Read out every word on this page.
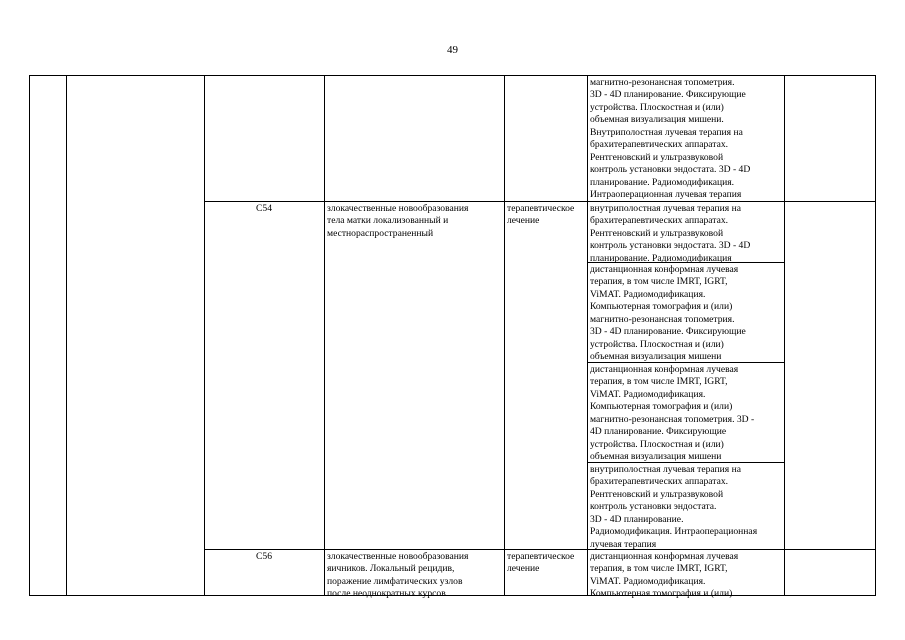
49

магнитно-резонансная топометрия.
3D - 4D планирование. Фиксирующие
устройства. Плоскостная и (или)
объемная визуализация мишени.
Внутриполостная лучевая терапия на
брахитерапевтических аппаратах.
Рентгеновский и ультразвуковой
контроль установки эндостата. 3D - 4D
планирование. Радиомодификация.
Интраоперационная лучевая терапия

C54	злокачественные новообразования
тела матки локализованный и
местнораспространенный

терапевтическое
лечение

внутриполостная лучевая терапия на
брахитерапевтических аппаратах.
Рентгеновский и ультразвуковой
контроль установки эндостата. 3D - 4D
планирование. Радиомодификация

дистанционная конформная лучевая
терапия, в том числе IMRT, IGRT,
ViMAT. Радиомодификация.
Компьютерная томография и (или)
магнитно-резонансная топометрия.
3D - 4D планирование. Фиксирующие
устройства. Плоскостная и (или)
объемная визуализация мишени

дистанционная конформная лучевая
терапия, в том числе IMRT, IGRT,
ViMAT. Радиомодификация.
Компьютерная томография и (или)
магнитно-резонансная топометрия. 3D -
4D планирование. Фиксирующие
устройства. Плоскостная и (или)
объемная визуализация мишени

внутриполостная лучевая терапия на
брахитерапевтических аппаратах.
Рентгеновский и ультразвуковой
контроль установки эндостата.
3D - 4D планирование.
Радиомодификация. Интраоперационная
лучевая терапия

C56	злокачественные новообразования
яичников. Локальный рецидив,
поражение лимфатических узлов
после неоднократных курсов

терапевтическое
лечение

дистанционная конформная лучевая
терапия, в том числе IMRT, IGRT,
ViMAT. Радиомодификация.
Компьютерная томография и (или)
